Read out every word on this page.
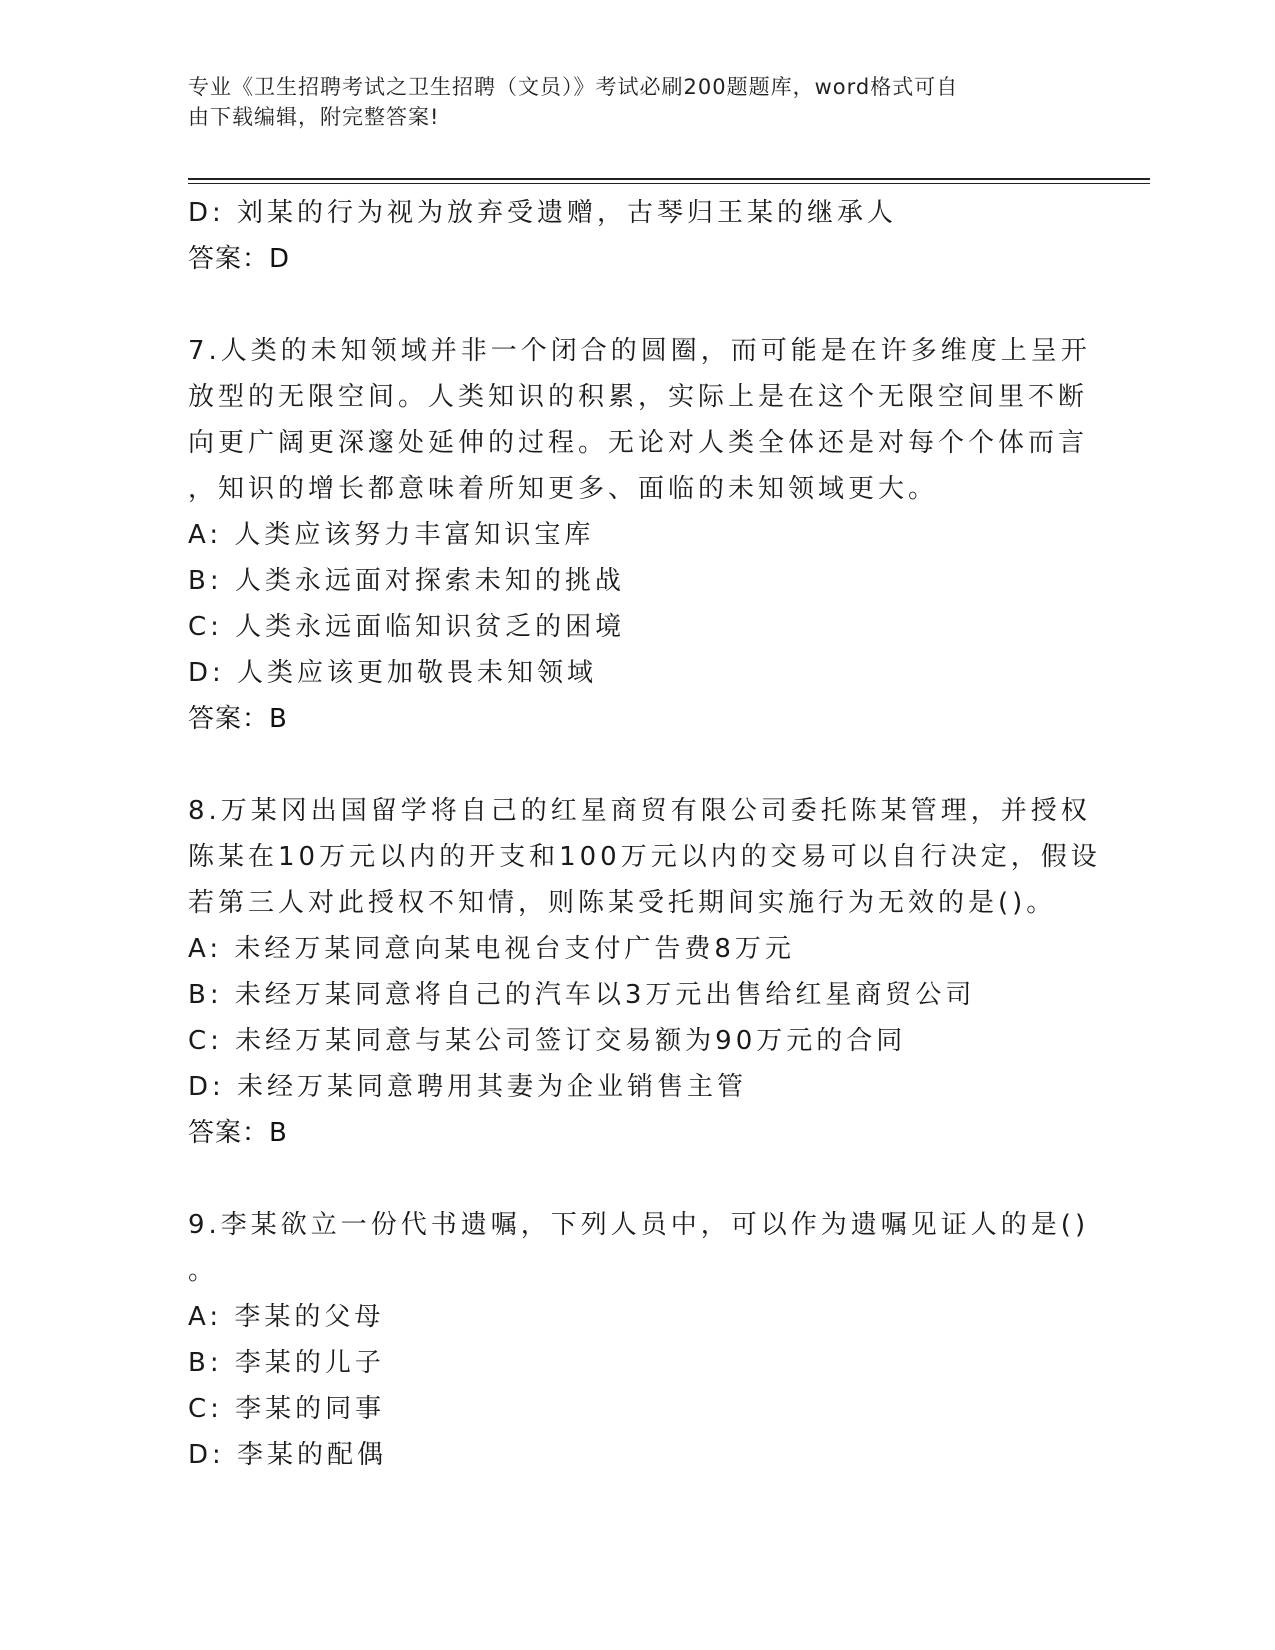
专业《卫生招聘考试之卫生招聘（文员）》考试必刷200题题库，word格式可自
由下载编辑，附完整答案!
D: 刘某的行为视为放弃受遗赠，古琴归王某的继承人
答案：D
7.人类的未知领域并非一个闭合的圆圈，而可能是在许多维度上呈开
放型的无限空间。人类知识的积累，实际上是在这个无限空间里不断
向更广阔更深邃处延伸的过程。无论对人类全体还是对每个个体而言
，知识的增长都意味着所知更多、面临的未知领域更大。
A: 人类应该努力丰富知识宝库
B: 人类永远面对探索未知的挑战
C: 人类永远面临知识贫乏的困境
D: 人类应该更加敬畏未知领域
答案：B
8.万某冈出国留学将自己的红星商贸有限公司委托陈某管理，并授权
陈某在10万元以内的开支和100万元以内的交易可以自行决定，假设
若第三人对此授权不知情，则陈某受托期间实施行为无效的是()。
A: 未经万某同意向某电视台支付广告费8万元
B: 未经万某同意将自己的汽车以3万元出售给红星商贸公司
C: 未经万某同意与某公司签订交易额为90万元的合同
D: 未经万某同意聘用其妻为企业销售主管
答案：B
9.李某欲立一份代书遗嘱，下列人员中，可以作为遗嘱见证人的是()
。
A: 李某的父母
B: 李某的儿子
C: 李某的同事
D: 李某的配偶
